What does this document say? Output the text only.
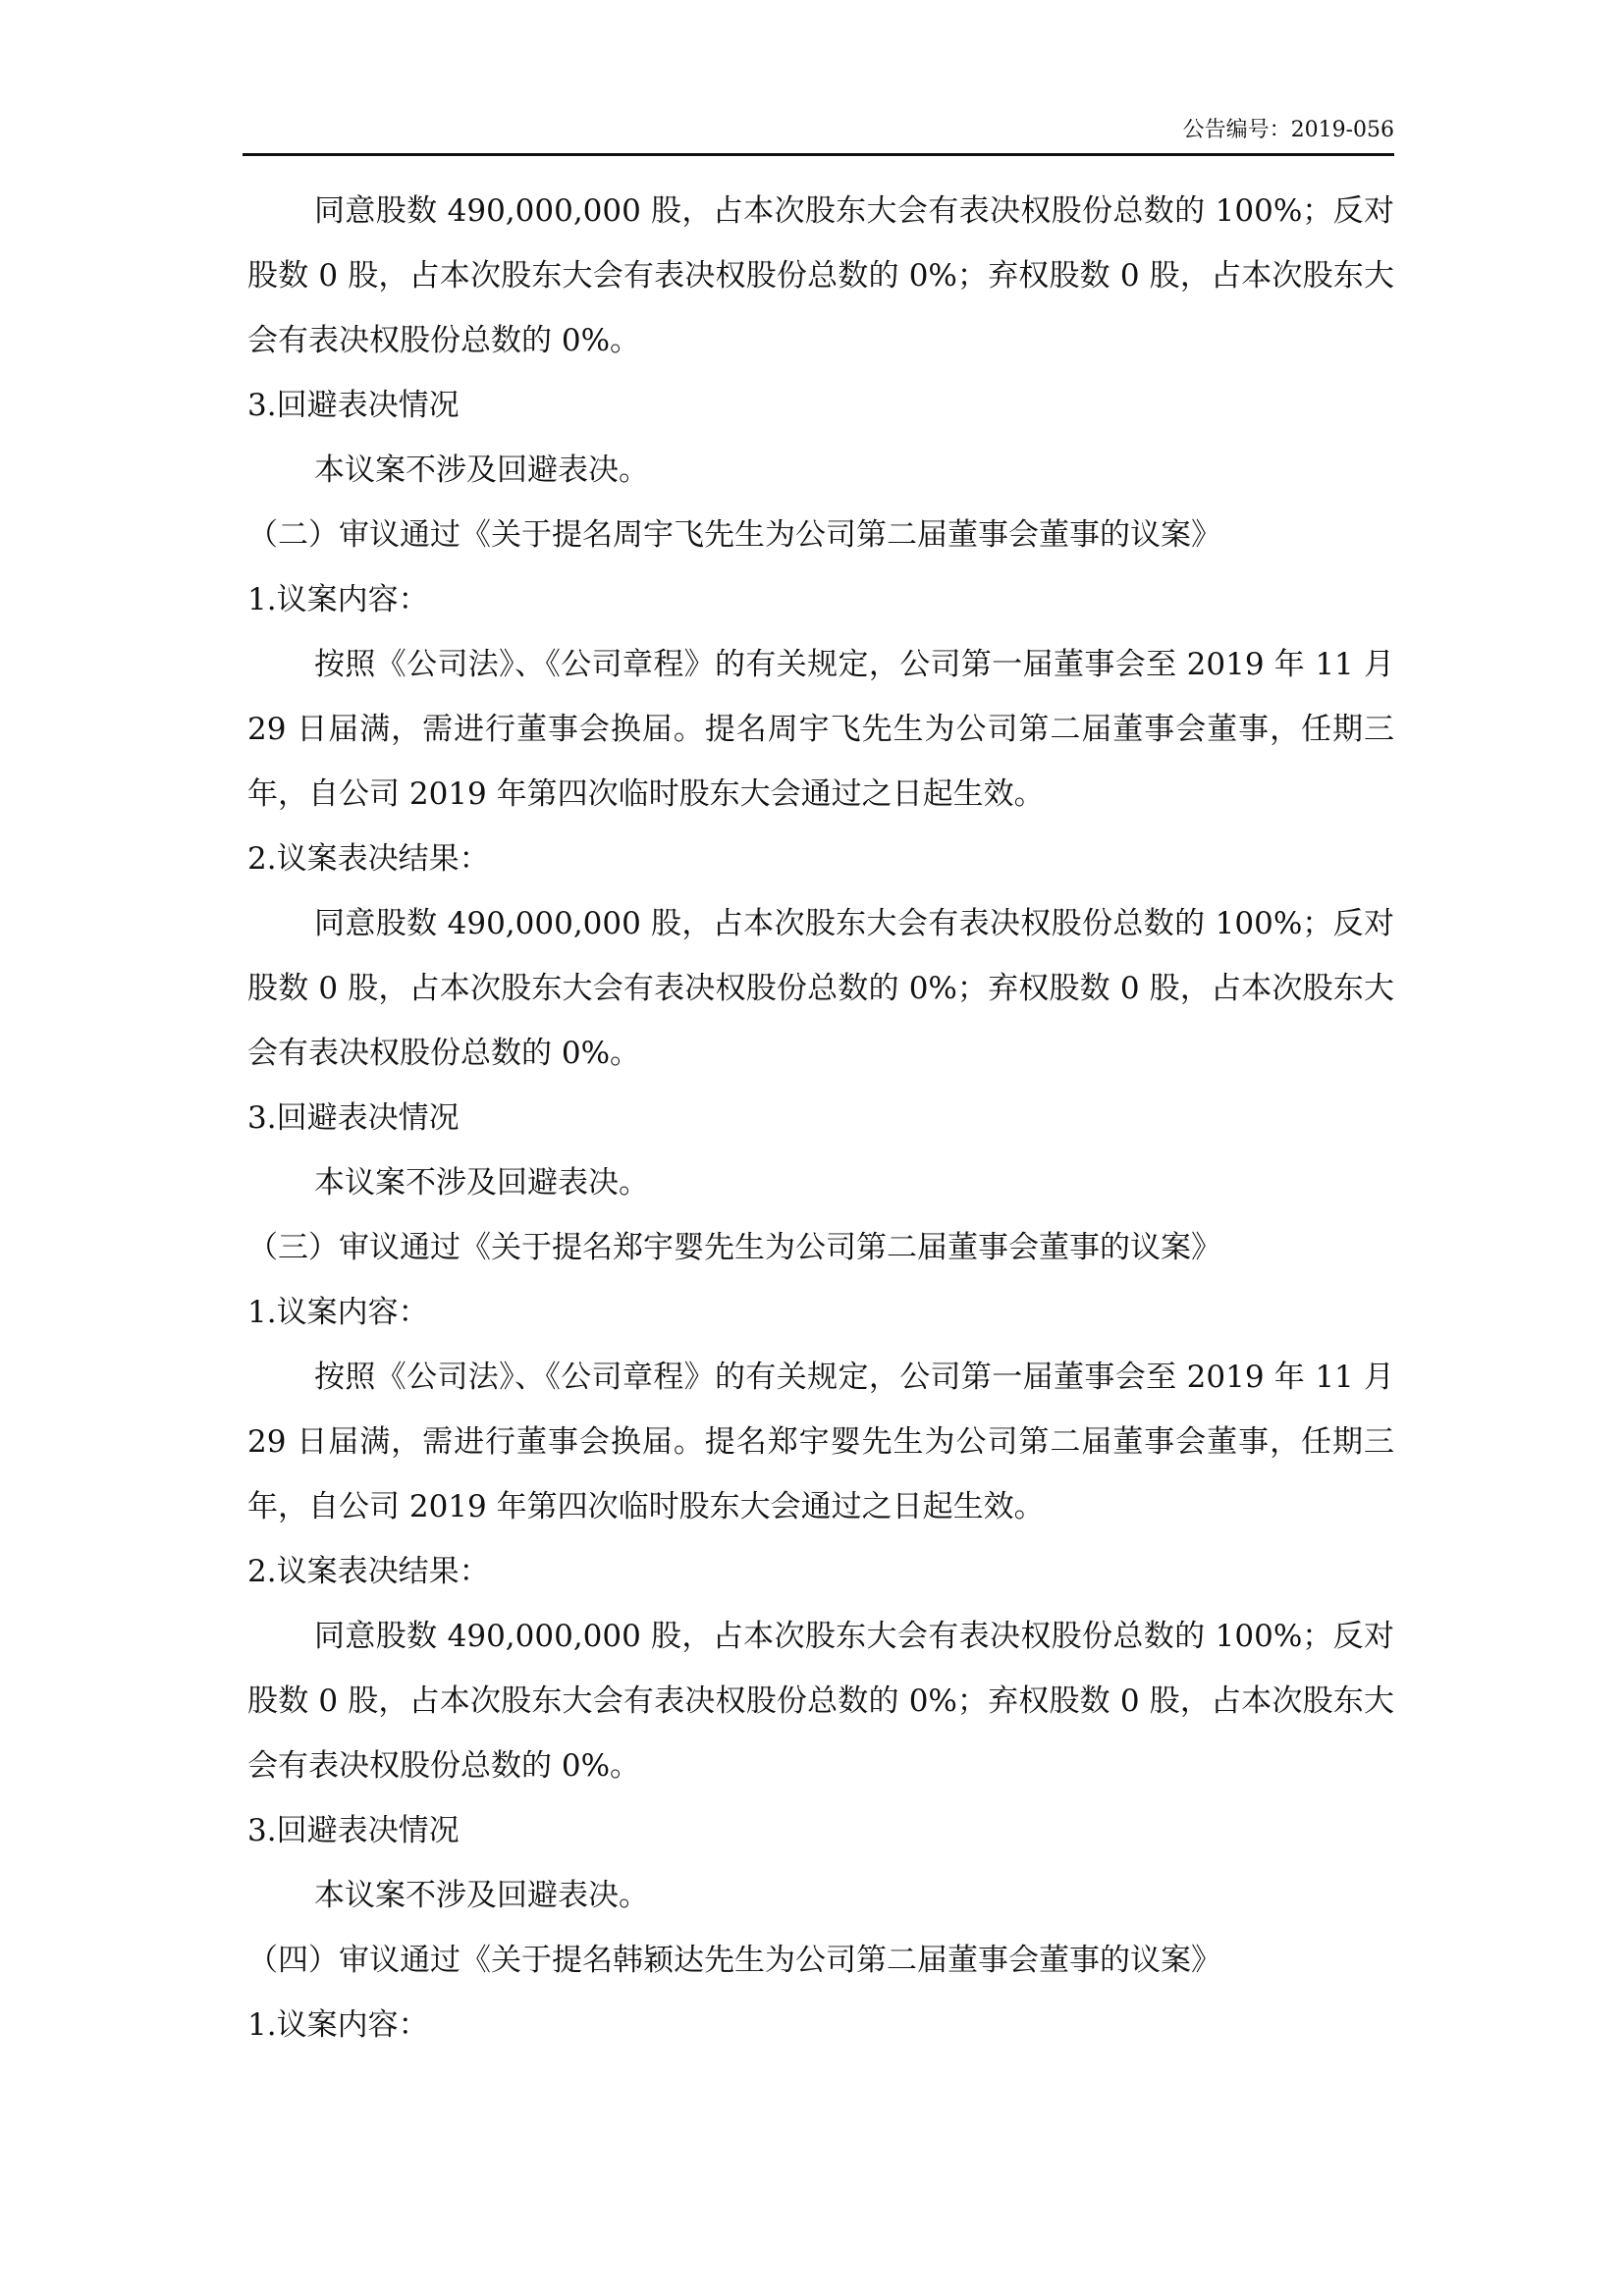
公告编号：2019-056

同意股数 490,000,000 股，占本次股东大会有表决权股份总数的 100%；反对股数 0 股，占本次股东大会有表决权股份总数的 0%；弃权股数 0 股，占本次股东大会有表决权股份总数的 0%。

3.回避表决情况

本议案不涉及回避表决。

（二）审议通过《关于提名周宇飞先生为公司第二届董事会董事的议案》

1.议案内容：

按照《公司法》、《公司章程》的有关规定，公司第一届董事会至 2019 年 11 月 29 日届满，需进行董事会换届。提名周宇飞先生为公司第二届董事会董事，任期三年，自公司 2019 年第四次临时股东大会通过之日起生效。

2.议案表决结果：

同意股数 490,000,000 股，占本次股东大会有表决权股份总数的 100%；反对股数 0 股，占本次股东大会有表决权股份总数的 0%；弃权股数 0 股，占本次股东大会有表决权股份总数的 0%。

3.回避表决情况

本议案不涉及回避表决。

（三）审议通过《关于提名郑宇婴先生为公司第二届董事会董事的议案》

1.议案内容：

按照《公司法》、《公司章程》的有关规定，公司第一届董事会至 2019 年 11 月 29 日届满，需进行董事会换届。提名郑宇婴先生为公司第二届董事会董事，任期三年，自公司 2019 年第四次临时股东大会通过之日起生效。

2.议案表决结果：

同意股数 490,000,000 股，占本次股东大会有表决权股份总数的 100%；反对股数 0 股，占本次股东大会有表决权股份总数的 0%；弃权股数 0 股，占本次股东大会有表决权股份总数的 0%。

3.回避表决情况

本议案不涉及回避表决。

（四）审议通过《关于提名韩颖达先生为公司第二届董事会董事的议案》

1.议案内容：
